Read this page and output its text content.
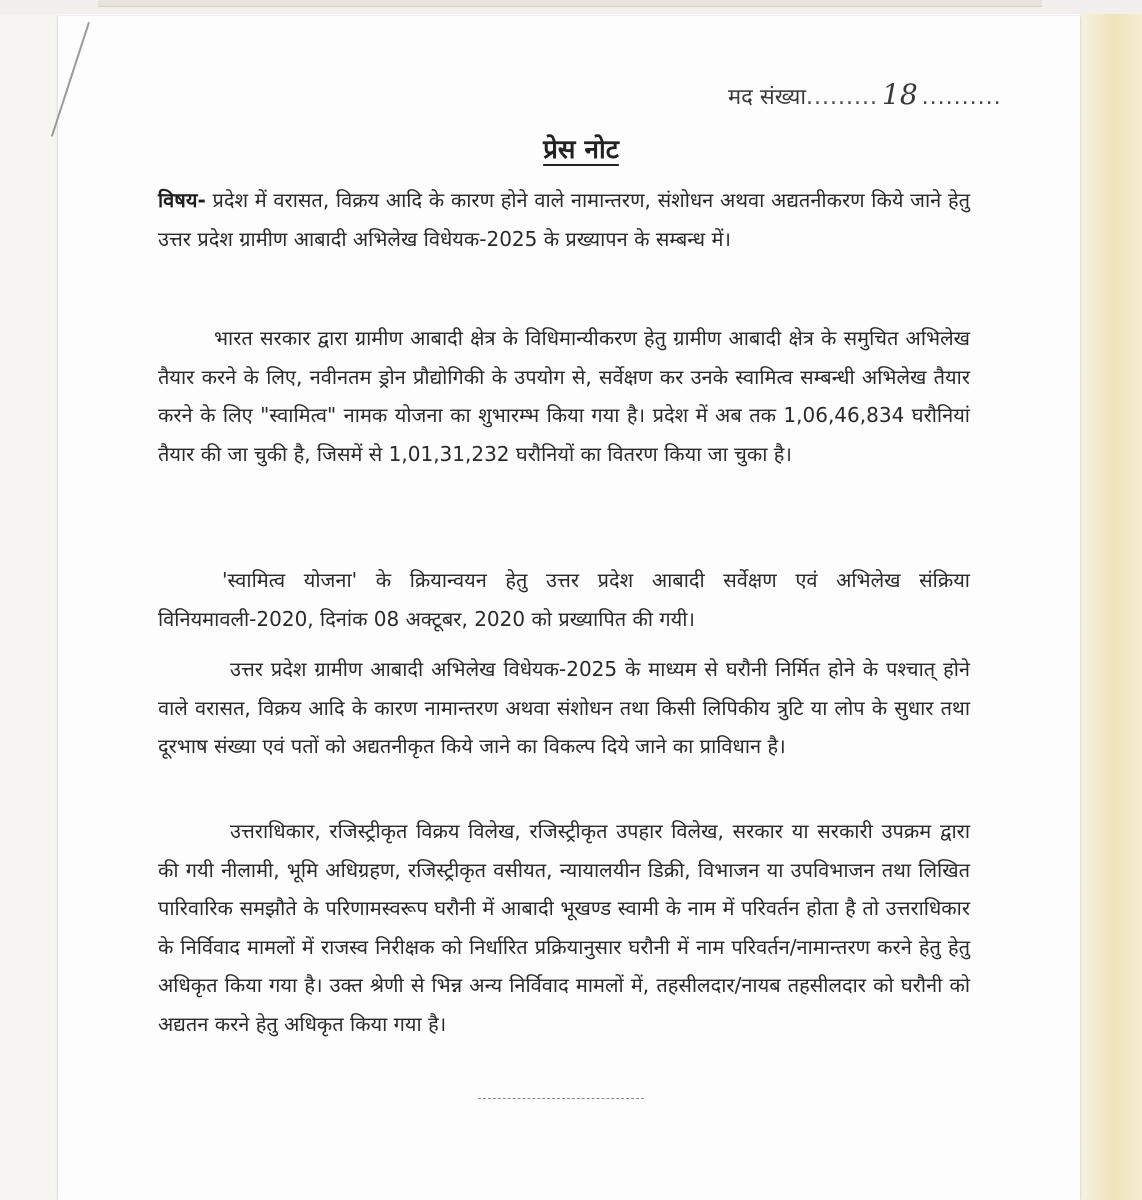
मद संख्या......... 18 ..........
प्रेस नोट
विषय- प्रदेश में वरासत, विक्रय आदि के कारण होने वाले नामान्तरण, संशोधन अथवा अद्यतनीकरण किये जाने हेतु उत्तर प्रदेश ग्रामीण आबादी अभिलेख विधेयक-2025 के प्रख्यापन के सम्बन्ध में।
भारत सरकार द्वारा ग्रामीण आबादी क्षेत्र के विधिमान्यीकरण हेतु ग्रामीण आबादी क्षेत्र के समुचित अभिलेख तैयार करने के लिए, नवीनतम ड्रोन प्रौद्योगिकी के उपयोग से, सर्वेक्षण कर उनके स्वामित्व सम्बन्धी अभिलेख तैयार करने के लिए "स्वामित्व" नामक योजना का शुभारम्भ किया गया है। प्रदेश में अब तक 1,06,46,834 घरौनियां तैयार की जा चुकी है, जिसमें से 1,01,31,232 घरौनियों का वितरण किया जा चुका है।
'स्वामित्व योजना' के क्रियान्वयन हेतु उत्तर प्रदेश आबादी सर्वेक्षण एवं अभिलेख संक्रिया विनियमावली-2020, दिनांक 08 अक्टूबर, 2020 को प्रख्यापित की गयी।
उत्तर प्रदेश ग्रामीण आबादी अभिलेख विधेयक-2025 के माध्यम से घरौनी निर्मित होने के पश्चात् होने वाले वरासत, विक्रय आदि के कारण नामान्तरण अथवा संशोधन तथा किसी लिपिकीय त्रुटि या लोप के सुधार तथा दूरभाष संख्या एवं पतों को अद्यतनीकृत किये जाने का विकल्प दिये जाने का प्राविधान है।
उत्तराधिकार, रजिस्ट्रीकृत विक्रय विलेख, रजिस्ट्रीकृत उपहार विलेख, सरकार या सरकारी उपक्रम द्वारा की गयी नीलामी, भूमि अधिग्रहण, रजिस्ट्रीकृत वसीयत, न्यायालयीन डिक्री, विभाजन या उपविभाजन तथा लिखित पारिवारिक समझौते के परिणामस्वरूप घरौनी में आबादी भूखण्ड स्वामी के नाम में परिवर्तन होता है तो उत्तराधिकार के निर्विवाद मामलों में राजस्व निरीक्षक को निर्धारित प्रक्रियानुसार घरौनी में नाम परिवर्तन/नामान्तरण करने हेतु हेतु अधिकृत किया गया है। उक्त श्रेणी से भिन्न अन्य निर्विवाद मामलों में, तहसीलदार/नायब तहसीलदार को घरौनी को अद्यतन करने हेतु अधिकृत किया गया है।
